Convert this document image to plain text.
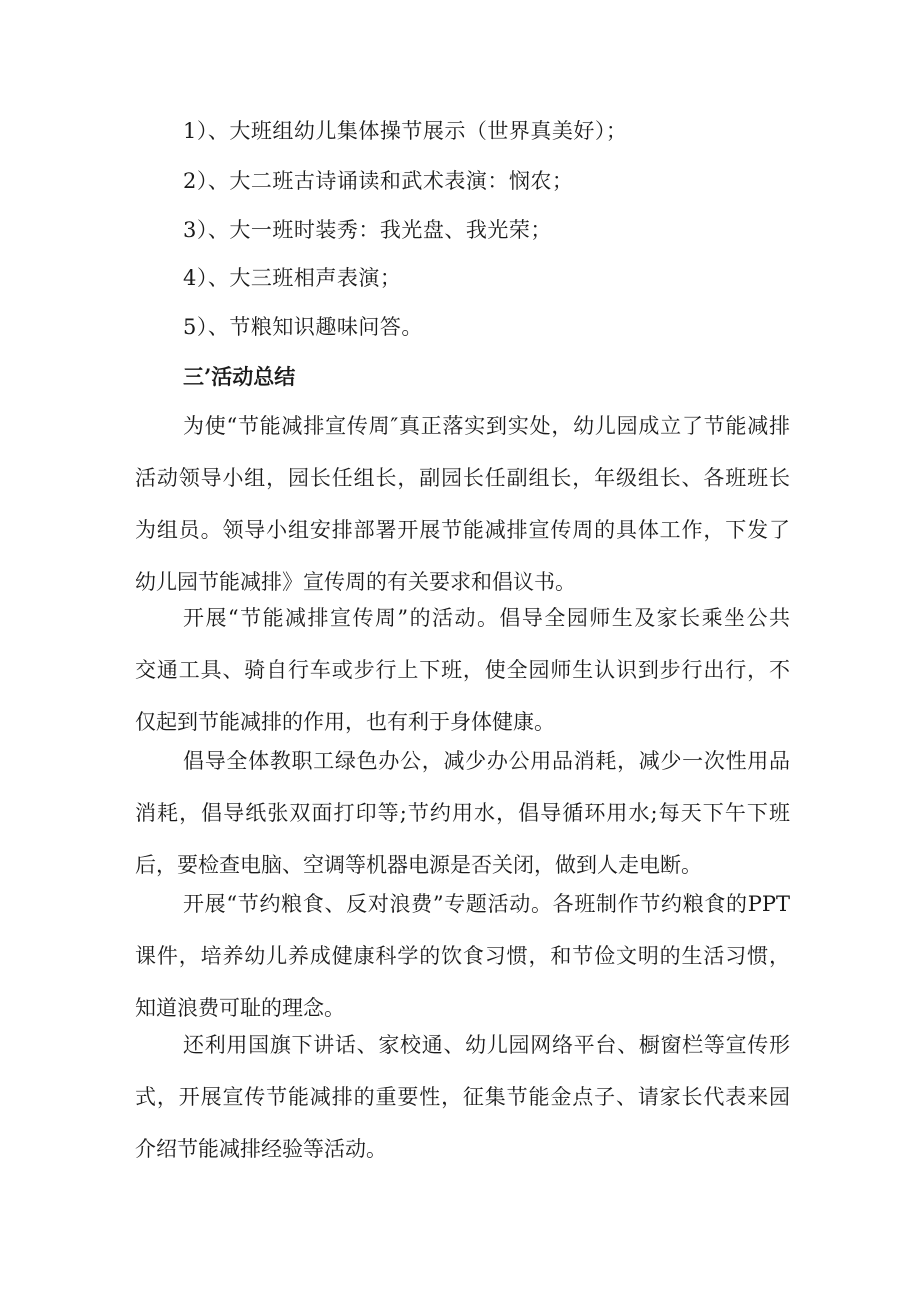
1）、大班组幼儿集体操节展示（世界真美好）；
2）、大二班古诗诵读和武术表演：悯农；
3）、大一班时装秀：我光盘、我光荣；
4）、大三班相声表演；
5）、节粮知识趣味问答。
三’活动总结
为使“节能减排宣传周″真正落实到实处，幼儿园成立了节能减排
活动领导小组，园长任组长，副园长任副组长，年级组长、各班班长
为组员。领导小组安排部署开展节能减排宣传周的具体工作，下发了
幼儿园节能减排》宣传周的有关要求和倡议书。
开展“节能减排宣传周”的活动。倡导全园师生及家长乘坐公共
交通工具、骑自行车或步行上下班，使全园师生认识到步行出行，不
仅起到节能减排的作用，也有利于身体健康。
倡导全体教职工绿色办公，减少办公用品消耗，减少一次性用品
消耗，倡导纸张双面打印等;节约用水，倡导循环用水;每天下午下班
后，要检查电脑、空调等机器电源是否关闭，做到人走电断。
开展“节约粮食、反对浪费”专题活动。各班制作节约粮食的PPT
课件，培养幼儿养成健康科学的饮食习惯，和节俭文明的生活习惯，
知道浪费可耻的理念。
还利用国旗下讲话、家校通、幼儿园网络平台、橱窗栏等宣传形
式，开展宣传节能减排的重要性，征集节能金点子、请家长代表来园
介绍节能减排经验等活动。
